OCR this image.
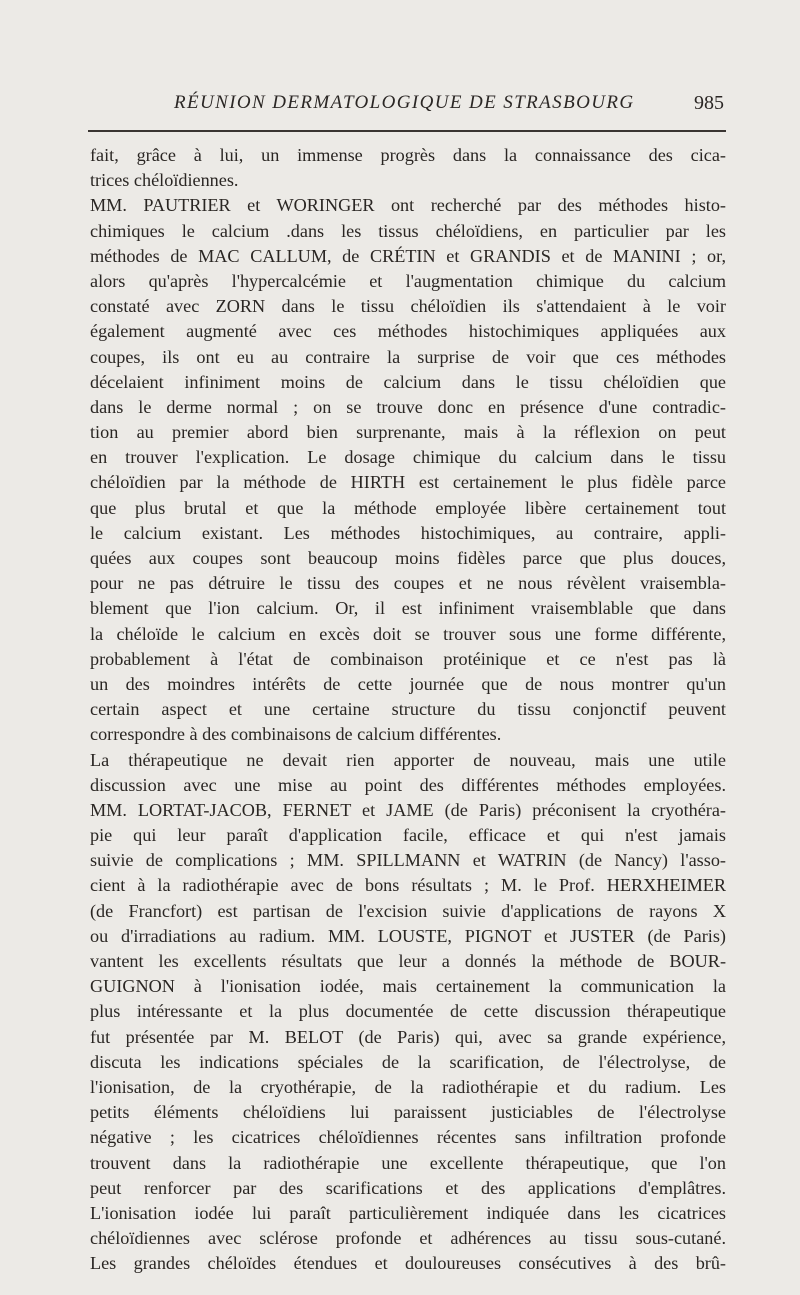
RÉUNION DERMATOLOGIQUE DE STRASBOURG	985
fait, grâce à lui, un immense progrès dans la connaissance des cica-
trices chéloïdiennes.
MM. PAUTRIER et WORINGER ont recherché par des méthodes histo-
chimiques le calcium .dans les tissus chéloïdiens, en particulier par les
méthodes de MAC CALLUM, de CRÉTIN et GRANDIS et de MANINI ; or,
alors qu'après l'hypercalcémie et l'augmentation chimique du calcium
constaté avec ZORN dans le tissu chéloïdien ils s'attendaient à le voir
également augmenté avec ces méthodes histochimiques appliquées aux
coupes, ils ont eu au contraire la surprise de voir que ces méthodes
décelaient infiniment moins de calcium dans le tissu chéloïdien que
dans le derme normal ; on se trouve donc en présence d'une contradic-
tion au premier abord bien surprenante, mais à la réflexion on peut
en trouver l'explication. Le dosage chimique du calcium dans le tissu
chéloïdien par la méthode de HIRTH est certainement le plus fidèle parce
que plus brutal et que la méthode employée libère certainement tout
le calcium existant. Les méthodes histochimiques, au contraire, appli-
quées aux coupes sont beaucoup moins fidèles parce que plus douces,
pour ne pas détruire le tissu des coupes et ne nous révèlent vraisembla-
blement que l'ion calcium. Or, il est infiniment vraisemblable que dans
la chéloïde le calcium en excès doit se trouver sous une forme différente,
probablement à l'état de combinaison protéinique et ce n'est pas là
un des moindres intérêts de cette journée que de nous montrer qu'un
certain aspect et une certaine structure du tissu conjonctif peuvent
correspondre à des combinaisons de calcium différentes.
La thérapeutique ne devait rien apporter de nouveau, mais une utile
discussion avec une mise au point des différentes méthodes employées.
MM. LORTAT-JACOB, FERNET et JAME (de Paris) préconisent la cryothéra-
pie qui leur paraît d'application facile, efficace et qui n'est jamais
suivie de complications ; MM. SPILLMANN et WATRIN (de Nancy) l'asso-
cient à la radiothérapie avec de bons résultats ; M. le Prof. HERXHEIMER
(de Francfort) est partisan de l'excision suivie d'applications de rayons X
ou d'irradiations au radium. MM. LOUSTE, PIGNOT et JUSTER (de Paris)
vantent les excellents résultats que leur a donnés la méthode de BOUR-
GUIGNON à l'ionisation iodée, mais certainement la communication la
plus intéressante et la plus documentée de cette discussion thérapeutique
fut présentée par M. BELOT (de Paris) qui, avec sa grande expérience,
discuta les indications spéciales de la scarification, de l'électrolyse, de
l'ionisation, de la cryothérapie, de la radiothérapie et du radium. Les
petits éléments chéloïdiens lui paraissent justiciables de l'électrolyse
négative ; les cicatrices chéloïdiennes récentes sans infiltration profonde
trouvent dans la radiothérapie une excellente thérapeutique, que l'on
peut renforcer par des scarifications et des applications d'emplâtres.
L'ionisation iodée lui paraît particulièrement indiquée dans les cicatrices
chéloïdiennes avec sclérose profonde et adhérences au tissu sous-cutané.
Les grandes chéloïdes étendues et douloureuses consécutives à des brû-
